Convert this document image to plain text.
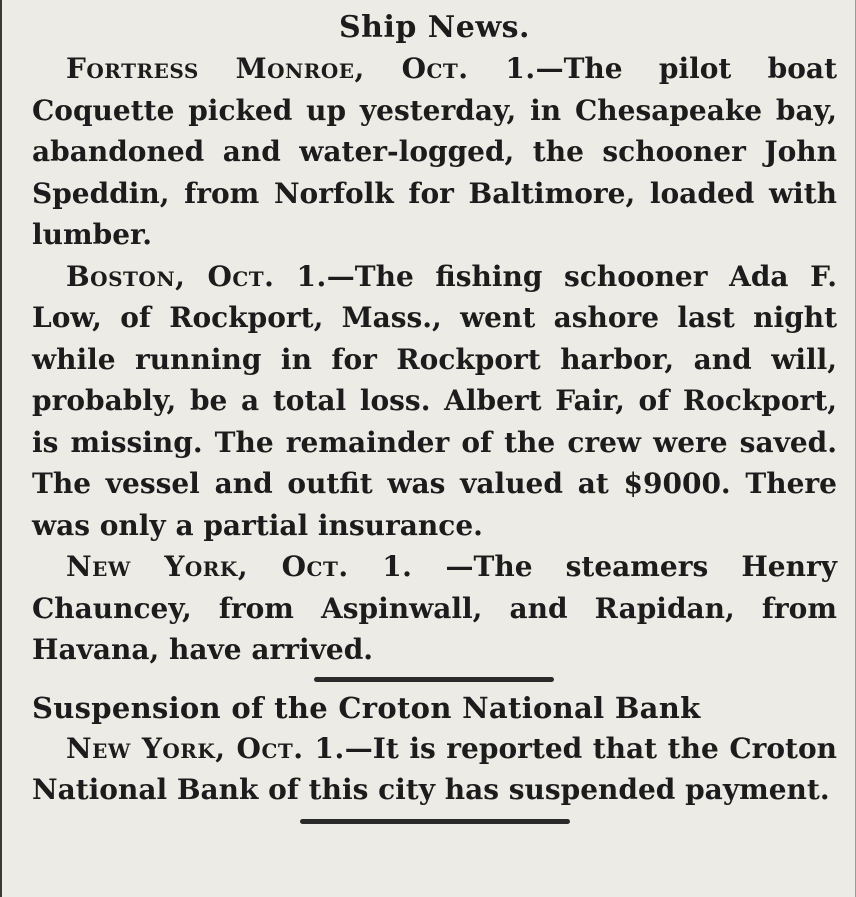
Ship News.

Fortress Monroe, Oct. 1.—The pilot boat Coquette picked up yesterday, in Chesapeake bay, abandoned and water-logged, the schooner John Speddin, from Norfolk for Baltimore, loaded with lumber.

Boston, Oct. 1.—The fishing schooner Ada F. Low, of Rockport, Mass., went ashore last night while running in for Rockport harbor, and will, probably, be a total loss. Albert Fair, of Rockport, is missing. The remainder of the crew were saved. The vessel and outfit was valued at $9000. There was only a partial insurance.

New York, Oct. 1. —The steamers Henry Chauncey, from Aspinwall, and Rapidan, from Havana, have arrived.

Suspension of the Croton National Bank

New York, Oct. 1.—It is reported that the Croton National Bank of this city has suspended payment.
